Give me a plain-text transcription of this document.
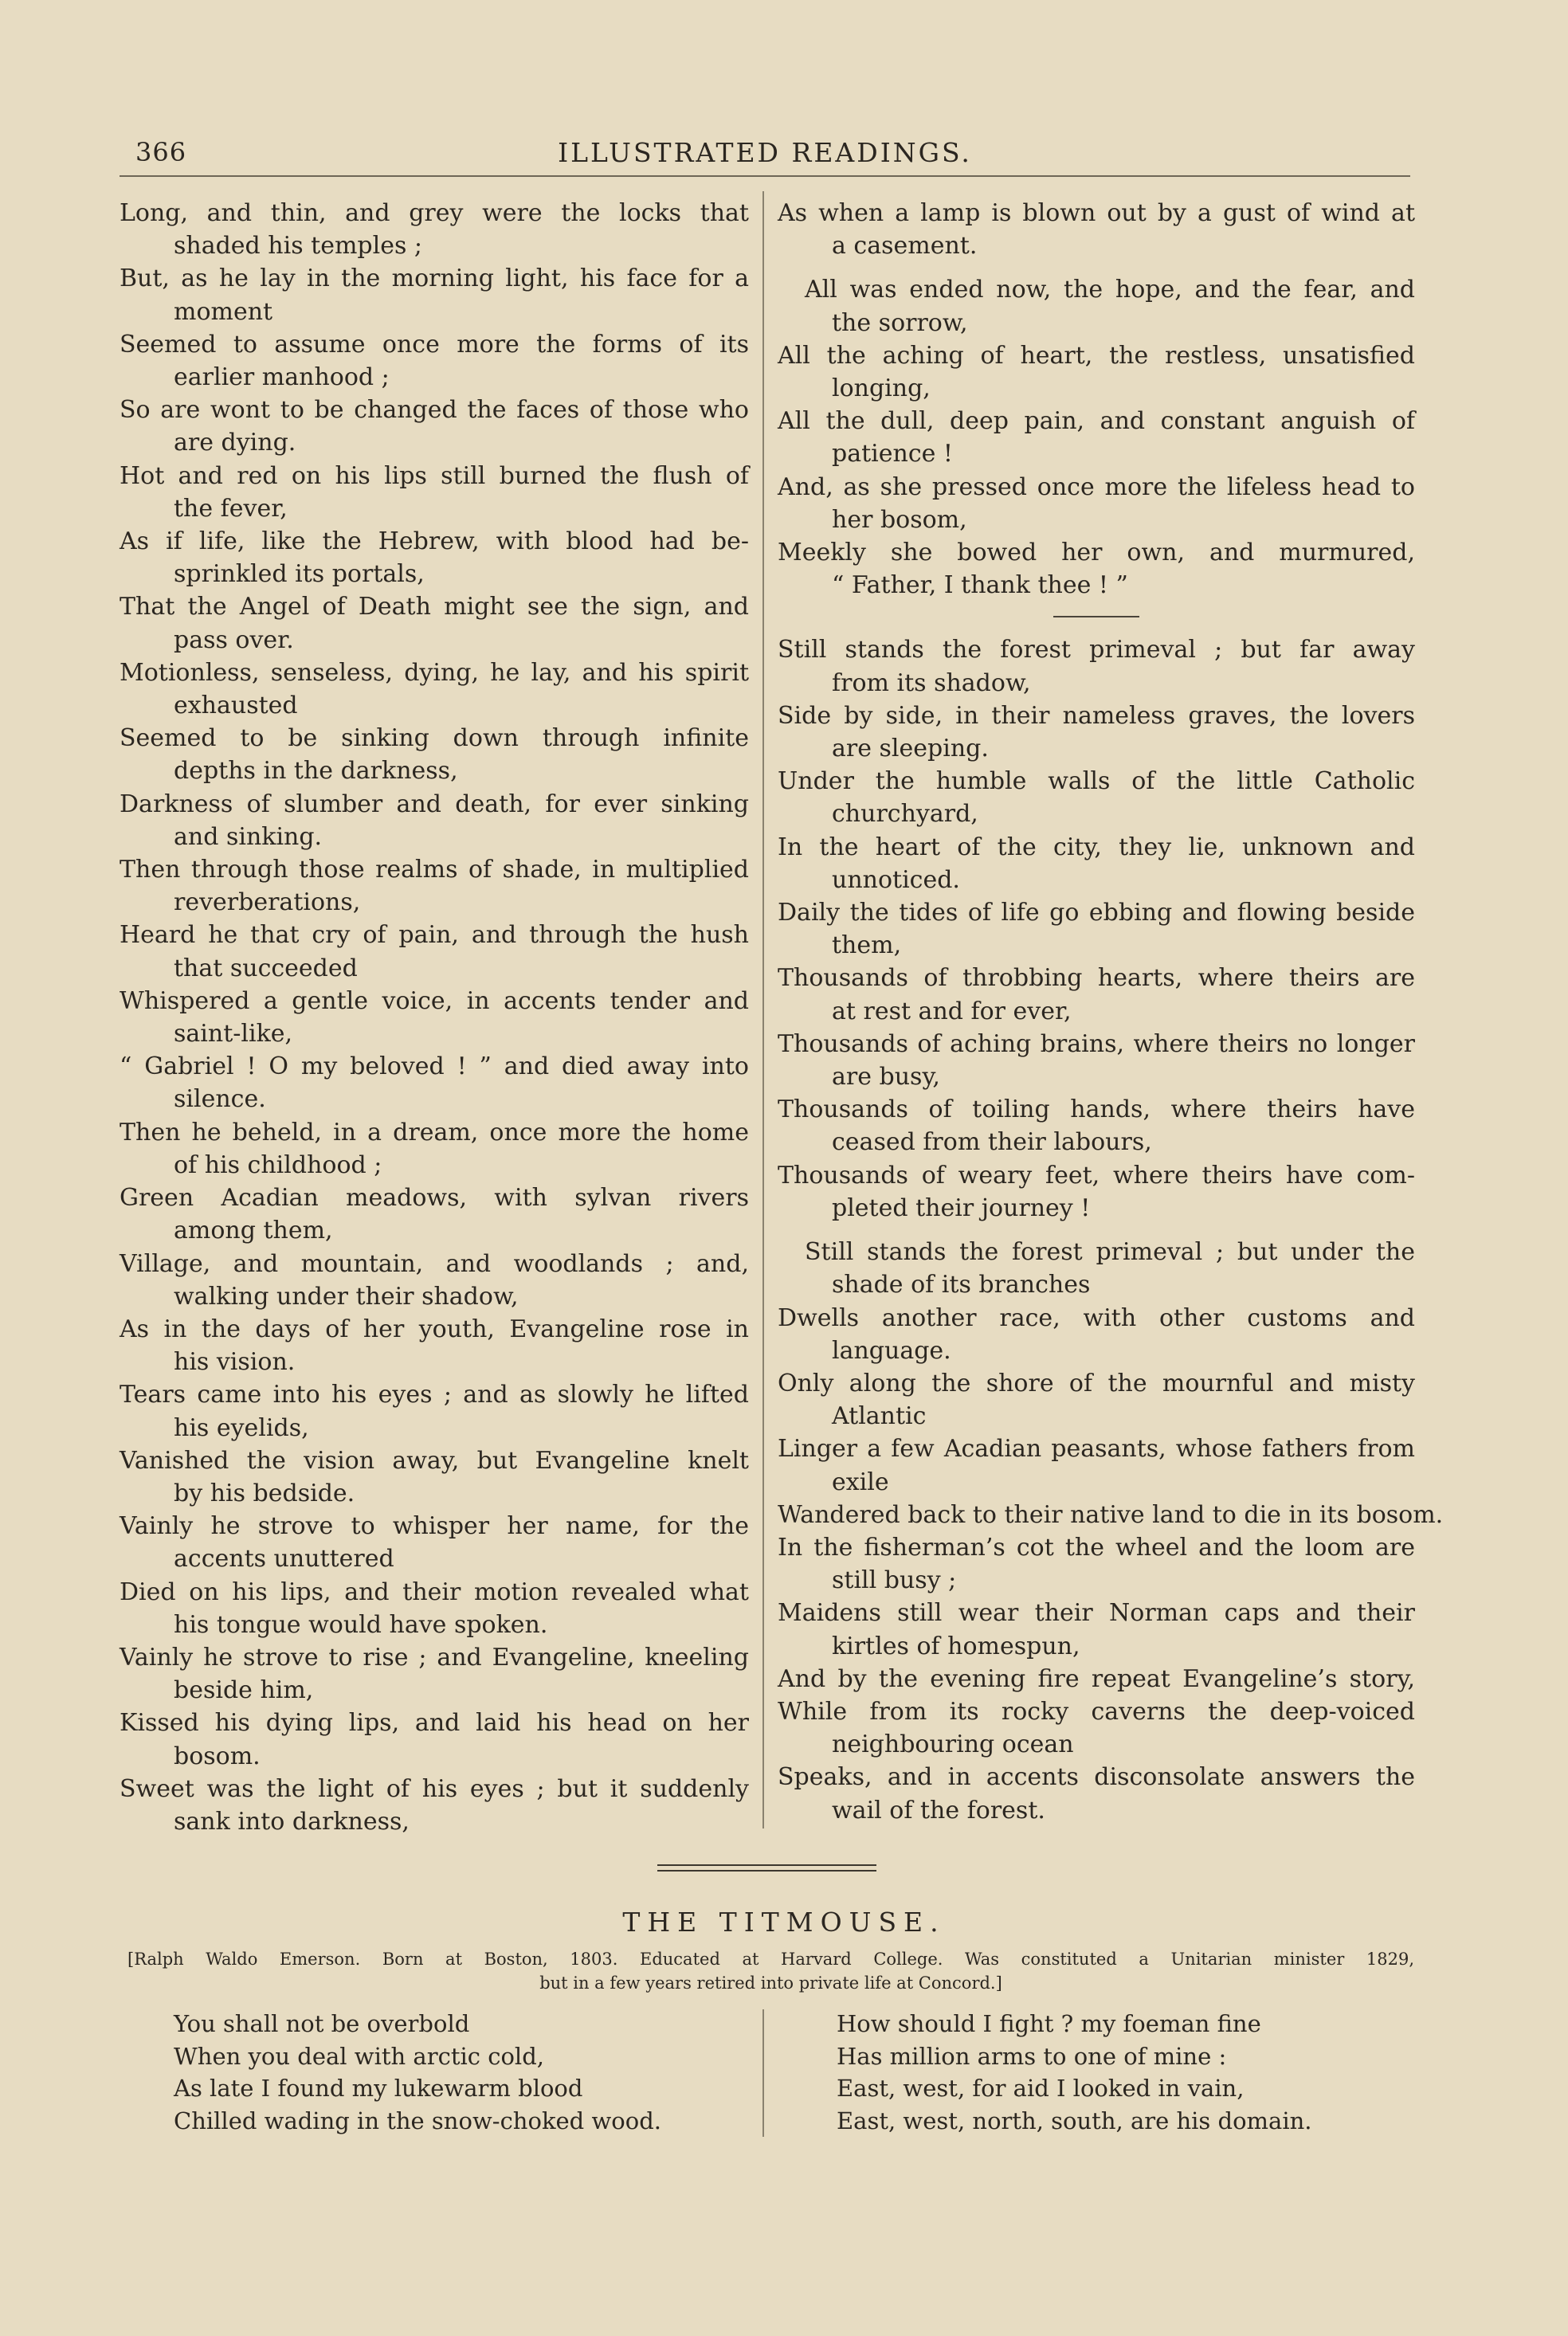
366	ILLUSTRATED READINGS.
Long, and thin, and grey were the locks that
shaded his temples ;
But, as he lay in the morning light, his face for a
moment
Seemed to assume once more the forms of its
earlier manhood ;
So are wont to be changed the faces of those who
are dying.
Hot and red on his lips still burned the flush of
the fever,
As if life, like the Hebrew, with blood had be-
sprinkled its portals,
That the Angel of Death might see the sign, and
pass over.
Motionless, senseless, dying, he lay, and his spirit
exhausted
Seemed to be sinking down through infinite
depths in the darkness,
Darkness of slumber and death, for ever sinking
and sinking.
Then through those realms of shade, in multiplied
reverberations,
Heard he that cry of pain, and through the hush
that succeeded
Whispered a gentle voice, in accents tender and
saint-like,
“ Gabriel ! O my beloved ! ” and died away into
silence.
Then he beheld, in a dream, once more the home
of his childhood ;
Green Acadian meadows, with sylvan rivers
among them,
Village, and mountain, and woodlands ; and,
walking under their shadow,
As in the days of her youth, Evangeline rose in
his vision.
Tears came into his eyes ; and as slowly he lifted
his eyelids,
Vanished the vision away, but Evangeline knelt
by his bedside.
Vainly he strove to whisper her name, for the
accents unuttered
Died on his lips, and their motion revealed what
his tongue would have spoken.
Vainly he strove to rise ; and Evangeline, kneeling
beside him,
Kissed his dying lips, and laid his head on her
bosom.
Sweet was the light of his eyes ; but it suddenly
sank into darkness,
As when a lamp is blown out by a gust of wind at
a casement.
All was ended now, the hope, and the fear, and
the sorrow,
All the aching of heart, the restless, unsatisfied
longing,
All the dull, deep pain, and constant anguish of
patience !
And, as she pressed once more the lifeless head to
her bosom,
Meekly she bowed her own, and murmured,
“ Father, I thank thee ! ”
Still stands the forest primeval ; but far away
from its shadow,
Side by side, in their nameless graves, the lovers
are sleeping.
Under the humble walls of the little Catholic
churchyard,
In the heart of the city, they lie, unknown and
unnoticed.
Daily the tides of life go ebbing and flowing beside
them,
Thousands of throbbing hearts, where theirs are
at rest and for ever,
Thousands of aching brains, where theirs no longer
are busy,
Thousands of toiling hands, where theirs have
ceased from their labours,
Thousands of weary feet, where theirs have com-
pleted their journey !
Still stands the forest primeval ; but under the
shade of its branches
Dwells another race, with other customs and
language.
Only along the shore of the mournful and misty
Atlantic
Linger a few Acadian peasants, whose fathers from
exile
Wandered back to their native land to die in its bosom.
In the fisherman’s cot the wheel and the loom are
still busy ;
Maidens still wear their Norman caps and their
kirtles of homespun,
And by the evening fire repeat Evangeline’s story,
While from its rocky caverns the deep-voiced
neighbouring ocean
Speaks, and in accents disconsolate answers the
wail of the forest.
THE TITMOUSE.
[Ralph Waldo Emerson. Born at Boston, 1803. Educated at Harvard College. Was constituted a Unitarian minister 1829,
but in a few years retired into private life at Concord.]
You shall not be overbold
When you deal with arctic cold,
As late I found my lukewarm blood
Chilled wading in the snow-choked wood.
How should I fight ? my foeman fine
Has million arms to one of mine :
East, west, for aid I looked in vain,
East, west, north, south, are his domain.
